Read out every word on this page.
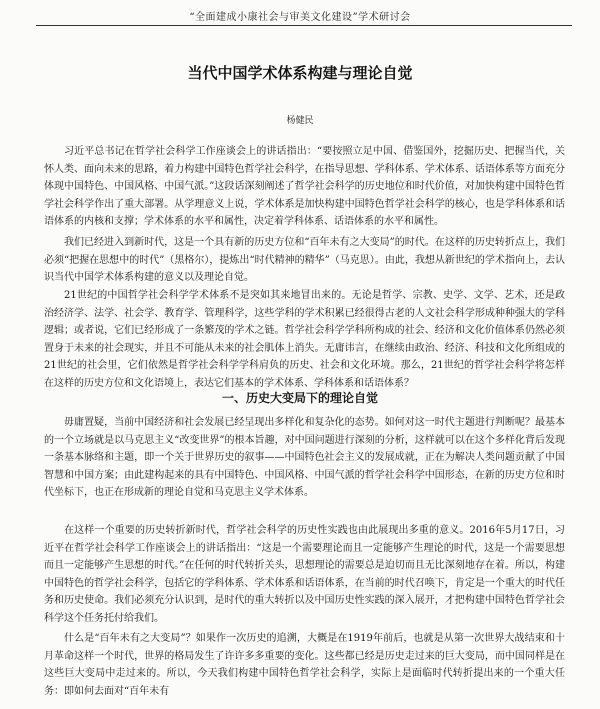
“全面建成小康社会与审美文化建设”学术研讨会
当代中国学术体系构建与理论自觉
杨健民

习近平总书记在哲学社会科学工作座谈会上的讲话指出：“要按照立足中国、借鉴国外，挖掘历史、把握当代，关怀人类、面向未来的思路，着力构建中国特色哲学社会科学，在指导思想、学科体系、学术体系、话语体系等方面充分体现中国特色、中国风格、中国气派。”这段话深刻阐述了哲学社会科学的历史地位和时代价值，对加快构建中国特色哲学社会科学作出了重大部署。从学理意义上说，学术体系是加快构建中国特色哲学社会科学的核心，也是学科体系和话语体系的内核和支撑；学术体系的水平和属性，决定着学科体系、话语体系的水平和属性。

我们已经进入到新时代，这是一个具有新的历史方位和“百年未有之大变局”的时代。在这样的历史转折点上，我们必须“把握在思想中的时代”（黑格尔），提炼出“时代精神的精华”（马克思）。由此，我想从新世纪的学术指向上，去认识当代中国学术体系构建的意义以及理论自觉。

21世纪的中国哲学社会科学学术体系不是突如其来地冒出来的。无论是哲学、宗教、史学、文学、艺术，还是政治经济学、法学、社会学、教育学、管理科学，这些学科的学术积累已经很得古老的人文社会科学形成种种强大的学科逻辑；或者说，它们已经形成了一条繁茂的学术之链。哲学社会科学学科所构成的社会、经济和文化价值体系仍然必须置身于未来的社会现实，并且不可能从未来的社会肌体上消失。无庸讳言，在继续由政治、经济、科技和文化所组成的21世纪的社会里，它们依然是哲学社会科学学科肩负的历史、社会和文化环境。那么，21世纪的哲学社会科学将怎样在这样的历史方位和文化语境上，表达它们基本的学术体系、学科体系和话语体系？

一、历史大变局下的理论自觉

毋庸置疑，当前中国经济和社会发展已经呈现出多样化和复杂化的态势。如何对这一时代主题进行判断呢？最基本的一个立场就是以马克思主义“改变世界”的根本旨趣，对中国问题进行深刻的分析，这样就可以在这个多样化背后发现一条基本脉络和主题，即一个关于世界历史的叙事——中国特色社会主义的发展成就，正在为解决人类问题贡献了中国智慧和中国方案；由此建构起来的具有中国特色、中国风格、中国气派的哲学社会科学中国形态，在新的历史方位和时代坐标下，也正在形成新的理论自觉和马克思主义学术体系。

在这样一个重要的历史转折新时代，哲学社会科学的历史性实践也由此展现出多重的意义。2016年5月17日，习近平在哲学社会科学工作座谈会上的讲话指出：“这是一个需要理论而且一定能够产生理论的时代，这是一个需要思想而且一定能够产生思想的时代。”在任何的时代转折关头，思想理论的需要总是迫切而且无比深刻地存在着。所以，构建中国特色的哲学社会科学，包括它的学科体系、学术体系和话语体系，在当前的时代召唤下，肯定是一个重大的时代任务和历史使命。我们必须充分认识到，是时代的重大转折以及中国历史性实践的深入展开，才把构建中国特色哲学社会科学这个任务托付给我们。

什么是“百年未有之大变局”？如果作一次历史的追溯，大概是在1919年前后，也就是从第一次世界大战结束和十月革命这样一个时代，世界的格局发生了许许多多重要的变化。这些都已经是历史走过来的巨大变局，而中国同样是在这些巨大变局中走过来的。所以，今天我们构建中国特色哲学社会科学，实际上是面临时代转折提出来的一个重大任务：即如何去面对“百年未有
